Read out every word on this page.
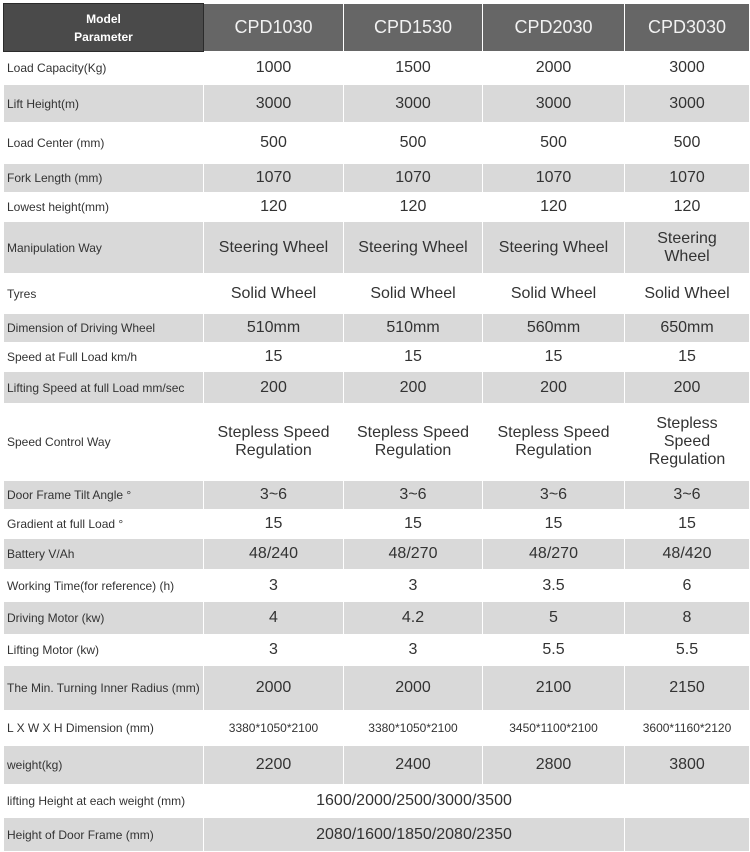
Model
Parameter	CPD1030	CPD1530	CPD2030	CPD3030
Load Capacity(Kg)	1000	1500	2000	3000
Lift Height(m)	3000	3000	3000	3000
Load Center (mm)	500	500	500	500
Fork Length (mm)	1070	1070	1070	1070
Lowest height(mm)	120	120	120	120
Manipulation Way	Steering Wheel	Steering Wheel	Steering Wheel	Steering Wheel
Tyres	Solid Wheel	Solid Wheel	Solid Wheel	Solid Wheel
Dimension of Driving Wheel	510mm	510mm	560mm	650mm
Speed at Full Load km/h	15	15	15	15
Lifting Speed at full Load mm/sec	200	200	200	200
Speed Control Way	Stepless Speed Regulation	Stepless Speed Regulation	Stepless Speed Regulation	Stepless Speed Regulation
Door Frame Tilt Angle °	3~6	3~6	3~6	3~6
Gradient at full Load °	15	15	15	15
Battery V/Ah	48/240	48/270	48/270	48/420
Working Time(for reference) (h)	3	3	3.5	6
Driving Motor (kw)	4	4.2	5	8
Lifting Motor (kw)	3	3	5.5	5.5
The Min. Turning Inner Radius (mm)	2000	2000	2100	2150
L X W X H Dimension (mm)	3380*1050*2100	3380*1050*2100	3450*1100*2100	3600*1160*2120
weight(kg)	2200	2400	2800	3800
lifting Height at each weight (mm)	1600/2000/2500/3000/3500			
Height of Door Frame (mm)	2080/1600/1850/2080/2350			
